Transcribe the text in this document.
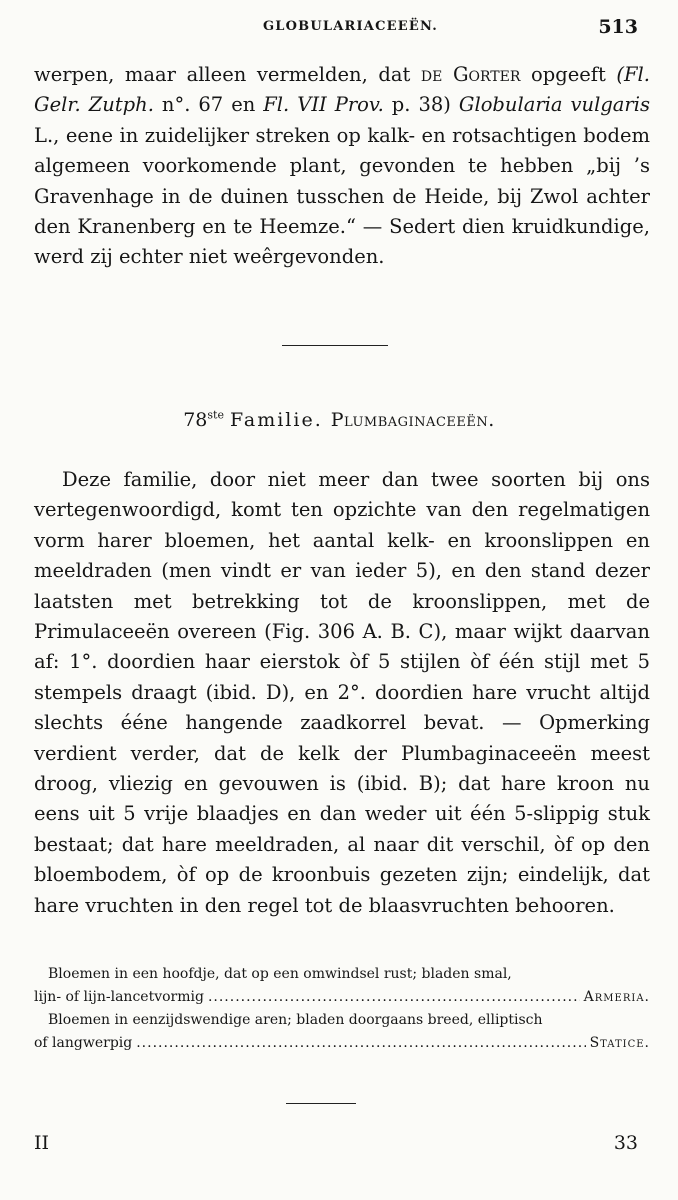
GLOBULARIACEEËN.	513

werpen, maar alleen vermelden, dat de Gorter opgeeft (Fl. Gelr. Zutph. n°. 67 en Fl. VII Prov. p. 38) Globularia vulgaris L., eene in zuidelijker streken op kalk- en rotsachtigen bodem algemeen voorkomende plant, gevonden te hebben „bij ’s Gravenhage in de duinen tusschen de Heide, bij Zwol achter den Kranenberg en te Heemze.“ — Sedert dien kruidkundige, werd zij echter niet weêrgevonden.

78ste Familie. Plumbaginaceeën.

Deze familie, door niet meer dan twee soorten bij ons vertegenwoordigd, komt ten opzichte van den regelmatigen vorm harer bloemen, het aantal kelk- en kroonslippen en meeldraden (men vindt er van ieder 5), en den stand dezer laatsten met betrekking tot de kroonslippen, met de Primulaceeën overeen (Fig. 306 A. B. C), maar wijkt daarvan af: 1°. doordien haar eierstok òf 5 stijlen òf één stijl met 5 stempels draagt (ibid. D), en 2°. doordien hare vrucht altijd slechts ééne hangende zaadkorrel bevat. — Opmerking verdient verder, dat de kelk der Plumbaginaceeën meest droog, vliezig en gevouwen is (ibid. B); dat hare kroon nu eens uit 5 vrije blaadjes en dan weder uit één 5-slippig stuk bestaat; dat hare meeldraden, al naar dit verschil, òf op den bloembodem, òf op de kroonbuis gezeten zijn; eindelijk, dat hare vruchten in den regel tot de blaasvruchten behooren.

Bloemen in een hoofdje, dat op een omwindsel rust; bladen smal,
lijn- of lijn-lancetvormig .....	Armeria.
Bloemen in eenzijdswendige aren; bladen doorgaans breed, elliptisch
of langwerpig .....	Statice.
II	33
